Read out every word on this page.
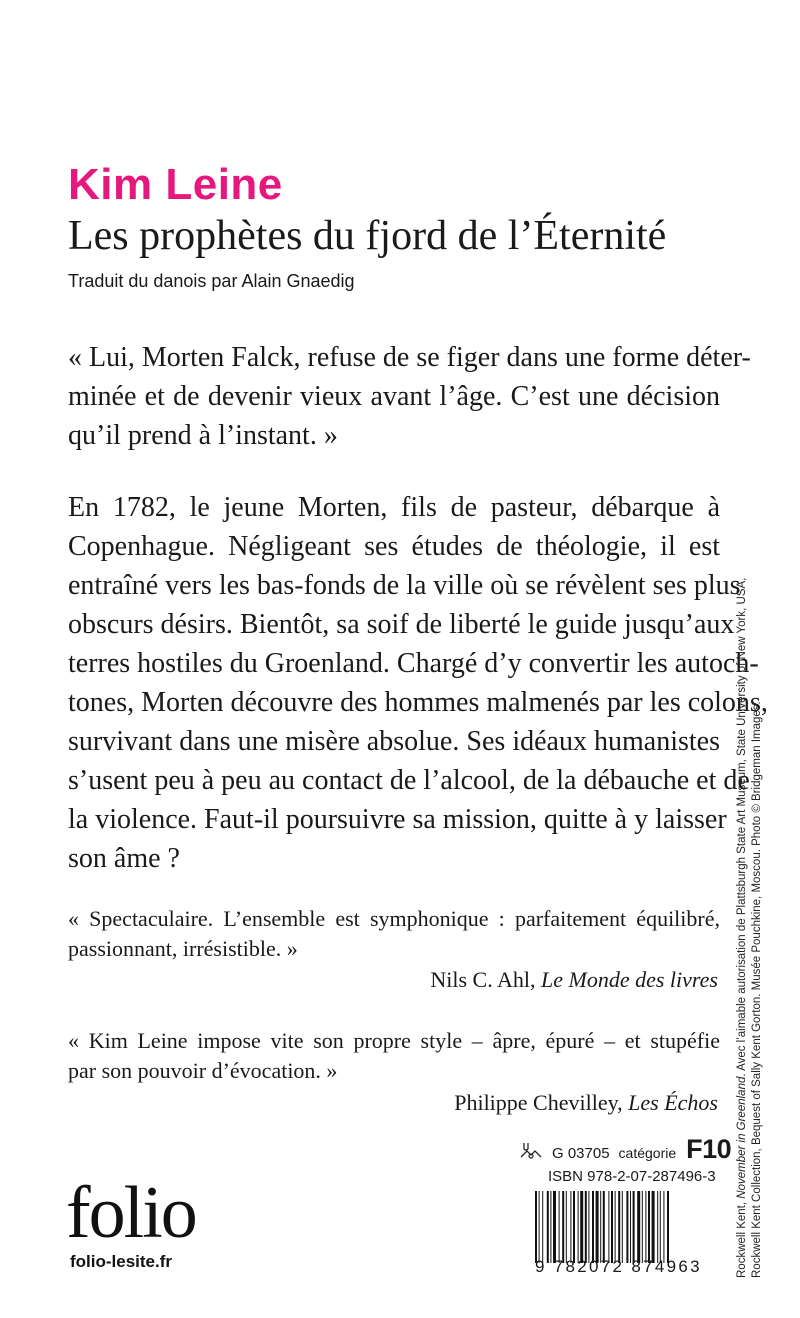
Kim Leine
Les prophètes du fjord de l’Éternité
Traduit du danois par Alain Gnaedig

« Lui, Morten Falck, refuse de se figer dans une forme déter-
minée et de devenir vieux avant l’âge. C’est une décision
qu’il prend à l’instant. »

En 1782, le jeune Morten, fils de pasteur, débarque à
Copenhague. Négligeant ses études de théologie, il est
entraîné vers les bas-fonds de la ville où se révèlent ses plus
obscurs désirs. Bientôt, sa soif de liberté le guide jusqu’aux
terres hostiles du Groenland. Chargé d’y convertir les autoch-
tones, Morten découvre des hommes malmenés par les colons,
survivant dans une misère absolue. Ses idéaux humanistes
s’usent peu à peu au contact de l’alcool, de la débauche et de
la violence. Faut-il poursuivre sa mission, quitte à y laisser
son âme ?

« Spectaculaire. L’ensemble est symphonique : parfaitement équilibré,
passionnant, irrésistible. »

Nils C. Ahl, Le Monde des livres

« Kim Leine impose vite son propre style – âpre, épuré – et stupéfie
par son pouvoir d’évocation. »

Philippe Chevilley, Les Échos

Rockwell Kent, November in Greenland. Avec l’aimable autorisation de Plattsburgh State Art Museum, State University of New York, USA, Rockwell Kent Collection, Bequest of Sally Kent Gorton. Musée Pouchkine, Moscou. Photo © Bridgeman Images.

G 03705 catégorie F10
ISBN 978-2-07-287496-3
9 782072 874963
folio
folio-lesite.fr
